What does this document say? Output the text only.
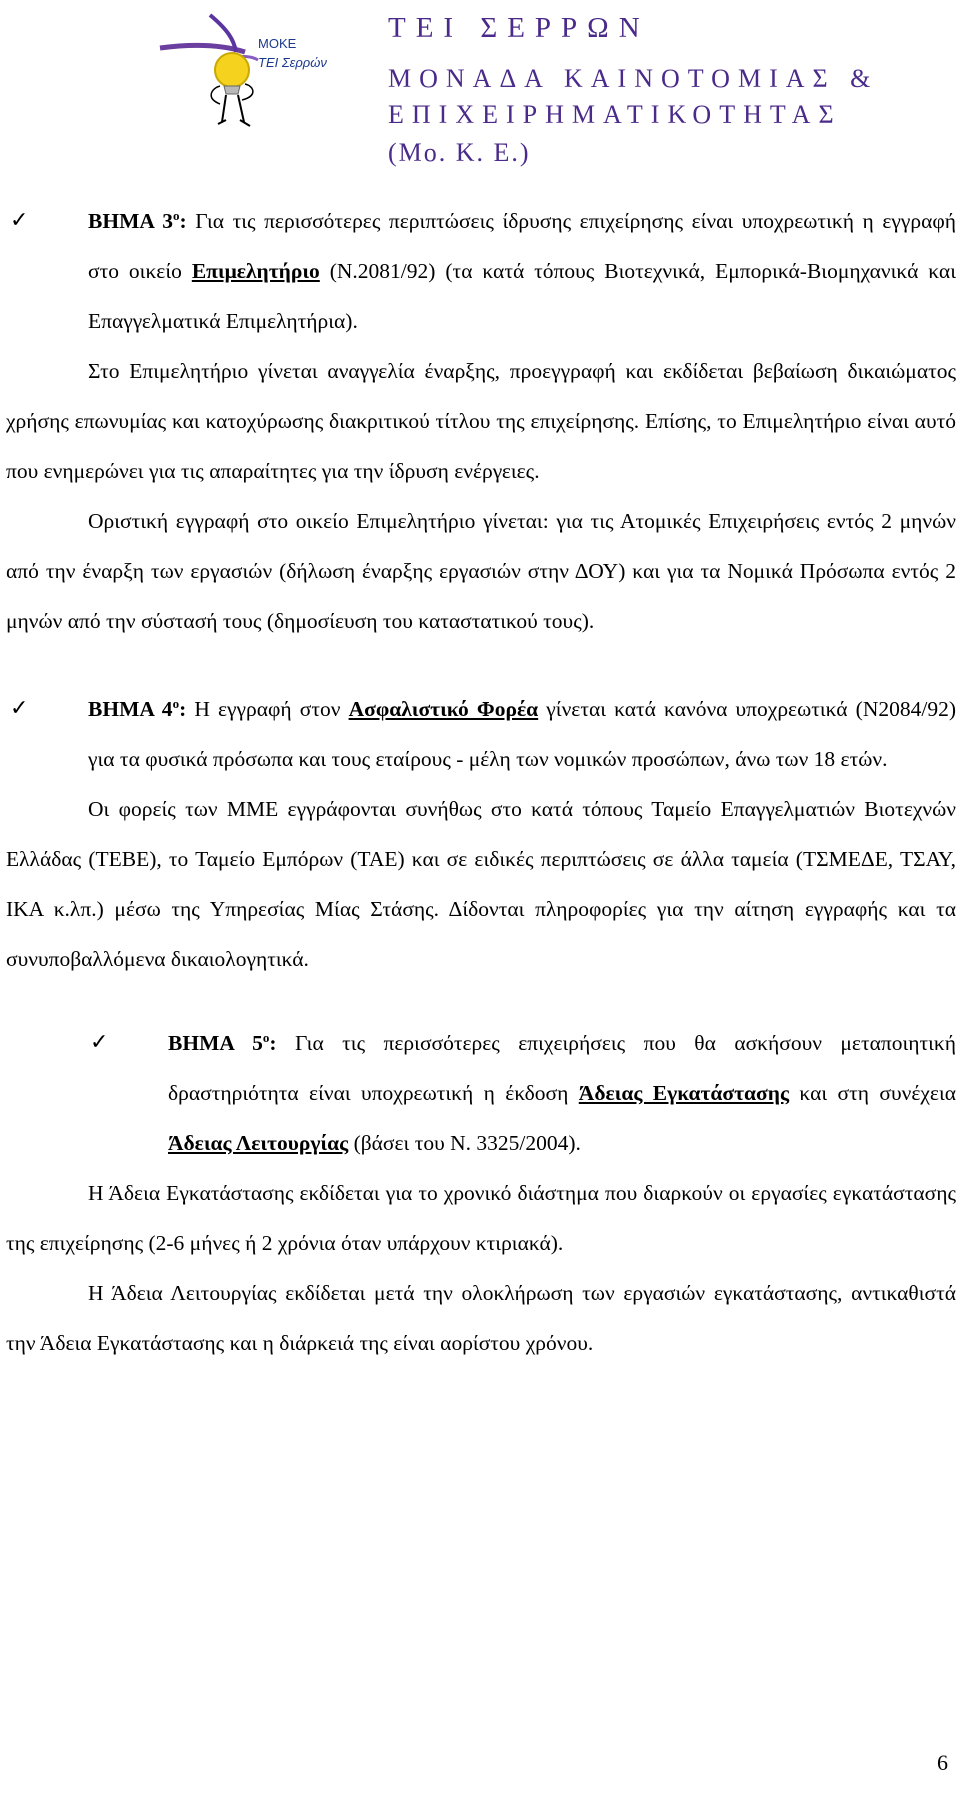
ΜΟΚΕ
ΤΕΙ Σερρών
ΤΕΙ ΣΕΡΡΩΝ
ΜΟΝΑΔΑ ΚΑΙΝΟΤΟΜΙΑΣ &
ΕΠΙΧΕΙΡΗΜΑΤΙΚΟΤΗΤΑΣ
(Μο. Κ. Ε.)

✓	ΒΗΜΑ $3^o$: Για τις περισσότερες περιπτώσεις ίδρυσης επιχείρησης είναι υποχρεωτική η εγγραφή στο οικείο Επιμελητήριο (Ν.2081/92) (τα κατά τόπους Βιοτεχνικά, Εμπορικά-Βιομηχανικά και Επαγγελματικά Επιμελητήρια).

Στο Επιμελητήριο γίνεται αναγγελία έναρξης, προεγγραφή και εκδίδεται βεβαίωση δικαιώματος χρήσης επωνυμίας και κατοχύρωσης διακριτικού τίτλου της επιχείρησης. Επίσης, το Επιμελητήριο είναι αυτό που ενημερώνει για τις απαραίτητες για την ίδρυση ενέργειες.

Οριστική εγγραφή στο οικείο Επιμελητήριο γίνεται: για τις Ατομικές Επιχειρήσεις εντός 2 μηνών από την έναρξη των εργασιών (δήλωση έναρξης εργασιών στην ΔΟΥ) και για τα Νομικά Πρόσωπα εντός 2 μηνών από την σύστασή τους (δημοσίευση του καταστατικού τους).

✓	ΒΗΜΑ $4^o$: Η εγγραφή στον Ασφαλιστικό Φορέα γίνεται κατά κανόνα υποχρεωτικά (Ν2084/92) για τα φυσικά πρόσωπα και τους εταίρους - μέλη των νομικών προσώπων, άνω των 18 ετών.

Οι φορείς των ΜΜΕ εγγράφονται συνήθως στο κατά τόπους Ταμείο Επαγγελματιών Βιοτεχνών Ελλάδας (ΤΕΒΕ), το Ταμείο Εμπόρων (ΤΑΕ) και σε ειδικές περιπτώσεις σε άλλα ταμεία (ΤΣΜΕΔΕ, ΤΣΑΥ, ΙΚΑ κ.λπ.) μέσω της Υπηρεσίας Μίας Στάσης. Δίδονται πληροφορίες για την αίτηση εγγραφής και τα συνυποβαλλόμενα δικαιολογητικά.

✓	ΒΗΜΑ $5^o$: Για τις περισσότερες επιχειρήσεις που θα ασκήσουν μεταποιητική δραστηριότητα είναι υποχρεωτική η έκδοση Άδειας Εγκατάστασης και στη συνέχεια Άδειας Λειτουργίας (βάσει του Ν. 3325/2004).

Η Άδεια Εγκατάστασης εκδίδεται για το χρονικό διάστημα που διαρκούν οι εργασίες εγκατάστασης της επιχείρησης (2-6 μήνες ή 2 χρόνια όταν υπάρχουν κτιριακά).

Η Άδεια Λειτουργίας εκδίδεται μετά την ολοκλήρωση των εργασιών εγκατάστασης, αντικαθιστά την Άδεια Εγκατάστασης και η διάρκειά της είναι αορίστου χρόνου.

6
